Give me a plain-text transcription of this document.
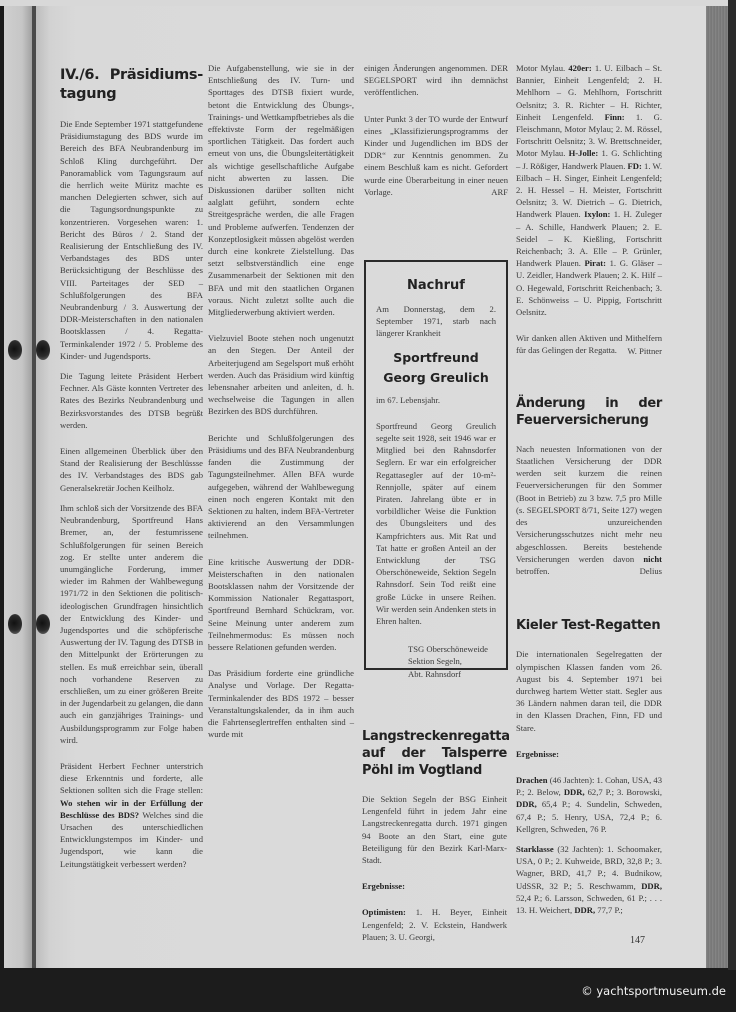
IV./6. Präsidiums-tagung

Die Ende September 1971 stattgefundene Präsidiumstagung des BDS wurde im Bereich des BFA Neubrandenburg im Schloß Kling durchgeführt. Der Panoramablick vom Tagungsraum auf die herrlich weite Müritz machte es manchen Delegierten schwer, sich auf die Tagungsordnungspunkte zu konzentrieren. Vorgesehen waren: 1. Bericht des Büros / 2. Stand der Realisierung der Entschließung des IV. Verbandstages des BDS unter Berücksichtigung der Beschlüsse des VIII. Parteitages der SED – Schlußfolgerungen des BFA Neubrandenburg / 3. Auswertung der DDR-Meisterschaften in den nationalen Bootsklassen / 4. Regatta-Terminkalender 1972 / 5. Probleme des Kinder- und Jugendsports.

Die Tagung leitete Präsident Herbert Fechner. Als Gäste konnten Vertreter des Rates des Bezirks Neubrandenburg und Bezirksvorstandes des DTSB begrüßt werden.

Einen allgemeinen Überblick über den Stand der Realisierung der Beschlüssse des IV. Verbandstages des BDS gab Generalsekretär Jochen Keilholz.

Ihm schloß sich der Vorsitzende des BFA Neubrandenburg, Sportfreund Hans Bremer, an, der festumrissene Schlußfolgerungen für seinen Bereich zog. Er stellte unter anderem die unumgängliche Forderung, immer wieder im Rahmen der Wahlbewegung 1971/72 in den Sektionen die politisch-ideologischen Grundfragen hinsichtlich der Entwicklung des Kinder- und Jugendsportes und die schöpferische Auswertung der IV. Tagung des DTSB in den Mittelpunkt der Erörterungen zu stellen. Es muß erreichbar sein, überall noch vorhandene Reserven zu erschließen, um zu einer größeren Breite in der Jugendarbeit zu gelangen, die dann auch ein ganzjähriges Trainings- und Ausbildungsprogramm zur Folge haben wird.

Präsident Herbert Fechner unterstrich diese Erkenntnis und forderte, alle Sektionen sollten sich die Frage stellen: Wo stehen wir in der Erfüllung der Beschlüsse des BDS? Welches sind die Ursachen des unterschiedlichen Entwicklungstempos im Kinder- und Jugendsport, wie kann die Leitungstätigkeit verbessert werden?

Die Aufgabenstellung, wie sie in der Entschließung des IV. Turn- und Sporttages des DTSB fixiert wurde, betont die Entwicklung des Übungs-, Trainings- und Wettkampfbetriebes als die effektivste Form der regelmäßigen sportlichen Tätigkeit. Das fordert auch erneut von uns, die Übungsleitertätigkeit als wichtige gesellschaftliche Aufgabe nicht abwerten zu lassen. Die Diskussionen darüber sollten nicht aalglatt geführt, sondern echte Streitgespräche werden, die alle Fragen und Probleme aufwerfen. Tendenzen der Konzeptlosigkeit müssen abgelöst werden durch eine konkrete Zielstellung. Das setzt selbstverständlich eine enge Zusammenarbeit der Sektionen mit den BFA und mit den staatlichen Organen voraus. Nicht zuletzt sollte auch die Mitgliederwerbung aktiviert werden.

Vielzuviel Boote stehen noch ungenutzt an den Stegen. Der Anteil der Arbeiterjugend am Segelsport muß erhöht werden. Auch das Präsidium wird künftig lebensnaher arbeiten und anleiten, d. h. wechselweise die Tagungen in allen Bezirken des BDS durchführen.

Berichte und Schlußfolgerungen des Präsidiums und des BFA Neubrandenburg fanden die Zustimmung der Tagungsteilnehmer. Allen BFA wurde aufgegeben, während der Wahlbewegung einen noch engeren Kontakt mit den Sektionen zu halten, indem BFA-Vertreter aktivierend an den Versammlungen teilnehmen.

Eine kritische Auswertung der DDR-Meisterschaften in den nationalen Bootsklassen nahm der Vorsitzende der Kommission Nationaler Regattasport, Sportfreund Bernhard Schückram, vor. Seine Meinung unter anderem zum Teilnehmermodus: Es müssen noch bessere Relationen gefunden werden.

Das Präsidium forderte eine gründliche Analyse und Vorlage. Der Regatta-Terminkalender des BDS 1972 – besser Veranstaltungskalender, da in ihm auch die Fahrtenseglertreffen enthalten sind – wurde mit

einigen Änderungen angenommen. DER SEGELSPORT wird ihn demnächst veröffentlichen.

Unter Punkt 3 der TO wurde der Entwurf eines „Klassifizierungsprogramms der Kinder und Jugendlichen im BDS der DDR“ zur Kenntnis genommen. Zu einem Beschluß kam es nicht. Gefordert wurde eine Überarbeitung in einer neuen Vorlage.	ARF
Nachruf

Am Donnerstag, dem 2. September 1971, starb nach längerer Krankheit

Sportfreund
Georg Greulich

im 67. Lebensjahr.

Sportfreund Georg Greulich segelte seit 1928, seit 1946 war er Mitglied bei den Rahnsdorfer Seglern. Er war ein erfolgreicher Regattasegler auf der 10-m²-Rennjolle, später auf einem Piraten. Jahrelang übte er in vorbildlicher Weise die Funktion des Übungsleiters und des Kampfrichters aus. Mit Rat und Tat hatte er großen Anteil an der Entwicklung der TSG Oberschöneweide, Sektion Segeln Rahnsdorf. Sein Tod reißt eine große Lücke in unsere Reihen. Wir werden sein Andenken stets in Ehren halten.

TSG Oberschöneweide
Sektion Segeln,
Abt. Rahnsdorf
Langstreckenregatta auf der Talsperre Pöhl im Vogtland

Die Sektion Segeln der BSG Einheit Lengenfeld führt in jedem Jahr eine Langstreckenregatta durch. 1971 gingen 94 Boote an den Start, eine gute Beteiligung für den Bezirk Karl-Marx-Stadt.

Ergebnisse:

Optimisten: 1. H. Beyer, Einheit Lengenfeld; 2. V. Eckstein, Handwerk Plauen; 3. U. Georgi,

Motor Mylau. 420er: 1. U. Eilbach – St. Bannier, Einheit Lengenfeld; 2. H. Mehlhorn – G. Mehlhorn, Fortschritt Oelsnitz; 3. R. Richter – H. Richter, Einheit Lengenfeld. Finn: 1. G. Fleischmann, Motor Mylau; 2. M. Rössel, Fortschritt Oelsnitz; 3. W. Brettschneider, Motor Mylau. H-Jolle: 1. G. Schlichting – J. Rößiger, Handwerk Plauen. FD: 1. W. Eilbach – H. Singer, Einheit Lengenfeld; 2. H. Hessel – H. Meister, Fortschritt Oelsnitz; 3. W. Dietrich – G. Dietrich, Handwerk Plauen. Ixylon: 1. H. Zuleger – A. Schille, Handwerk Plauen; 2. E. Seidel – K. Kießling, Fortschritt Reichenbach; 3. A. Elle – P. Grünler, Handwerk Plauen. Pirat: 1. G. Gläser – U. Zeidler, Handwerk Plauen; 2. K. Hilf – O. Hegewald, Fortschritt Reichenbach; 3. E. Schönweiss – U. Pippig, Fortschritt Oelsnitz.

Wir danken allen Aktiven und Mithelfern für das Gelingen der Regatta.	W. Pittner
Änderung in der Feuerversicherung

Nach neuesten Informationen von der Staatlichen Versicherung der DDR werden seit kurzem die reinen Feuerversicherungen für den Sommer (Boot in Betrieb) zu 3 bzw. 7,5 pro Mille (s. SEGELSPORT 8/71, Seite 127) wegen des unzureichenden Versicherungsschutzes nicht mehr neu abgeschlossen. Bereits bestehende Versicherungen werden davon nicht betroffen.	Delius
Kieler Test-Regatten

Die internationalen Segelregatten der olympischen Klassen fanden vom 26. August bis 4. September 1971 bei durchweg hartem Wetter statt. Segler aus 36 Ländern nahmen daran teil, die DDR in den Klassen Drachen, Finn, FD und Stare.

Ergebnisse:

Drachen (46 Jachten): 1. Cohan, USA, 43 P.; 2. Below, DDR, 62,7 P.; 3. Borowski, DDR, 65,4 P.; 4. Sundelin, Schweden, 67,4 P.; 5. Henry, USA, 72,4 P.; 6. Kellgren, Schweden, 76 P.

Starklasse (32 Jachten): 1. Schoomaker, USA, 0 P.; 2. Kuhweide, BRD, 32,8 P.; 3. Wagner, BRD, 41,7 P.; 4. Budnikow, UdSSR, 32 P.; 5. Reschwamm, DDR, 52,4 P.; 6. Larsson, Schweden, 61 P.; . . . 13. H. Weichert, DDR, 77,7 P.;

147
© yachtsportmuseum.de
